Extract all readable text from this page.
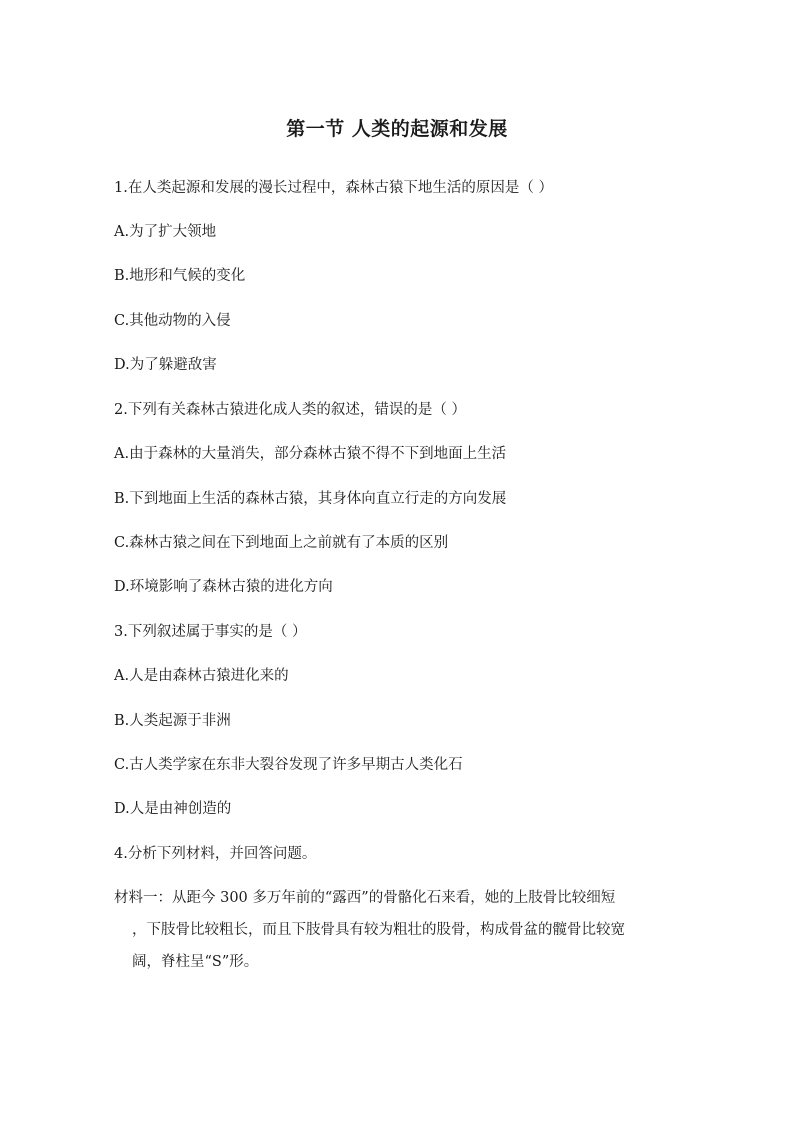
第一节 人类的起源和发展
1.在人类起源和发展的漫长过程中，森林古猿下地生活的原因是（ ）
A.为了扩大领地
B.地形和气候的变化
C.其他动物的入侵
D.为了躲避敌害
2.下列有关森林古猿进化成人类的叙述，错误的是（ ）
A.由于森林的大量消失，部分森林古猿不得不下到地面上生活
B.下到地面上生活的森林古猿，其身体向直立行走的方向发展
C.森林古猿之间在下到地面上之前就有了本质的区别
D.环境影响了森林古猿的进化方向
3.下列叙述属于事实的是（ ）
A.人是由森林古猿进化来的
B.人类起源于非洲
C.古人类学家在东非大裂谷发现了许多早期古人类化石
D.人是由神创造的
4.分析下列材料，并回答问题。
材料一：从距今 300 多万年前的“露西”的骨骼化石来看，她的上肢骨比较细短
，下肢骨比较粗长，而且下肢骨具有较为粗壮的股骨，构成骨盆的髋骨比较宽
阔，脊柱呈“S”形。
